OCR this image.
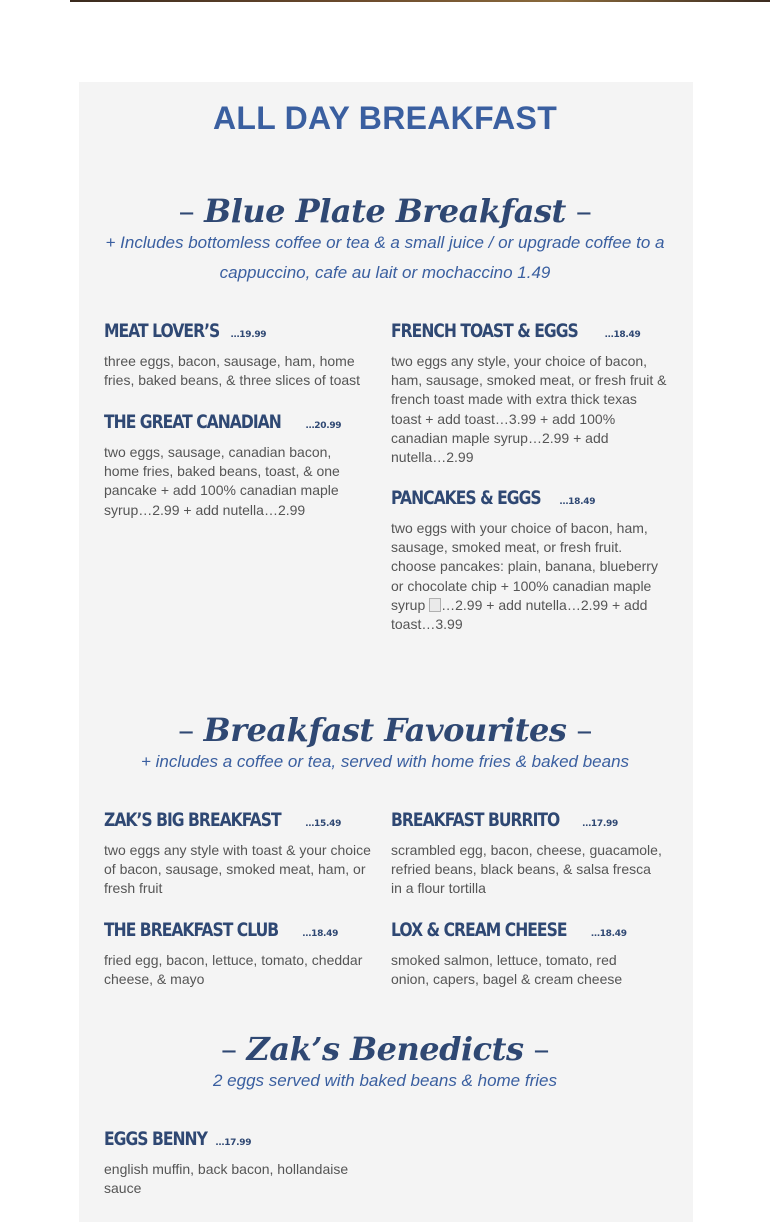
ALL DAY BREAKFAST
– Blue Plate Breakfast –

+ Includes bottomless coffee or tea & a small juice / or upgrade coffee to a cappuccino, cafe au lait or mochaccino 1.49

MEAT LOVER’S …19.99

three eggs, bacon, sausage, ham, home fries, baked beans, & three slices of toast

THE GREAT CANADIAN	…20.99

two eggs, sausage, canadian bacon, home fries, baked beans, toast, & one pancake + add 100% canadian maple syrup…2.99 + add nutella…2.99

FRENCH TOAST & EGGS	…18.49

two eggs any style, your choice of bacon, ham, sausage, smoked meat, or fresh fruit & french toast made with extra thick texas toast + add toast…3.99 + add 100% canadian maple syrup…2.99 + add nutella…2.99

PANCAKES & EGGS …18.49

two eggs with your choice of bacon, ham, sausage, smoked meat, or fresh fruit. choose pancakes: plain, banana, blueberry or chocolate chip + 100% canadian maple syrup …2.99 + add nutella…2.99 + add toast…3.99

– Breakfast Favourites –

+ includes a coffee or tea, served with home fries & baked beans

ZAK’S BIG BREAKFAST	…15.49

two eggs any style with toast & your choice of bacon, sausage, smoked meat, ham, or fresh fruit

THE BREAKFAST CLUB	…18.49

fried egg, bacon, lettuce, tomato, cheddar cheese, & mayo

BREAKFAST BURRITO	…17.99

scrambled egg, bacon, cheese, guacamole, refried beans, black beans, & salsa fresca in a flour tortilla

LOX & CREAM CHEESE	…18.49

smoked salmon, lettuce, tomato, red onion, capers, bagel & cream cheese

– Zak’s Benedicts –

2 eggs served with baked beans & home fries

EGGS BENNY …17.99

english muffin, back bacon, hollandaise sauce
